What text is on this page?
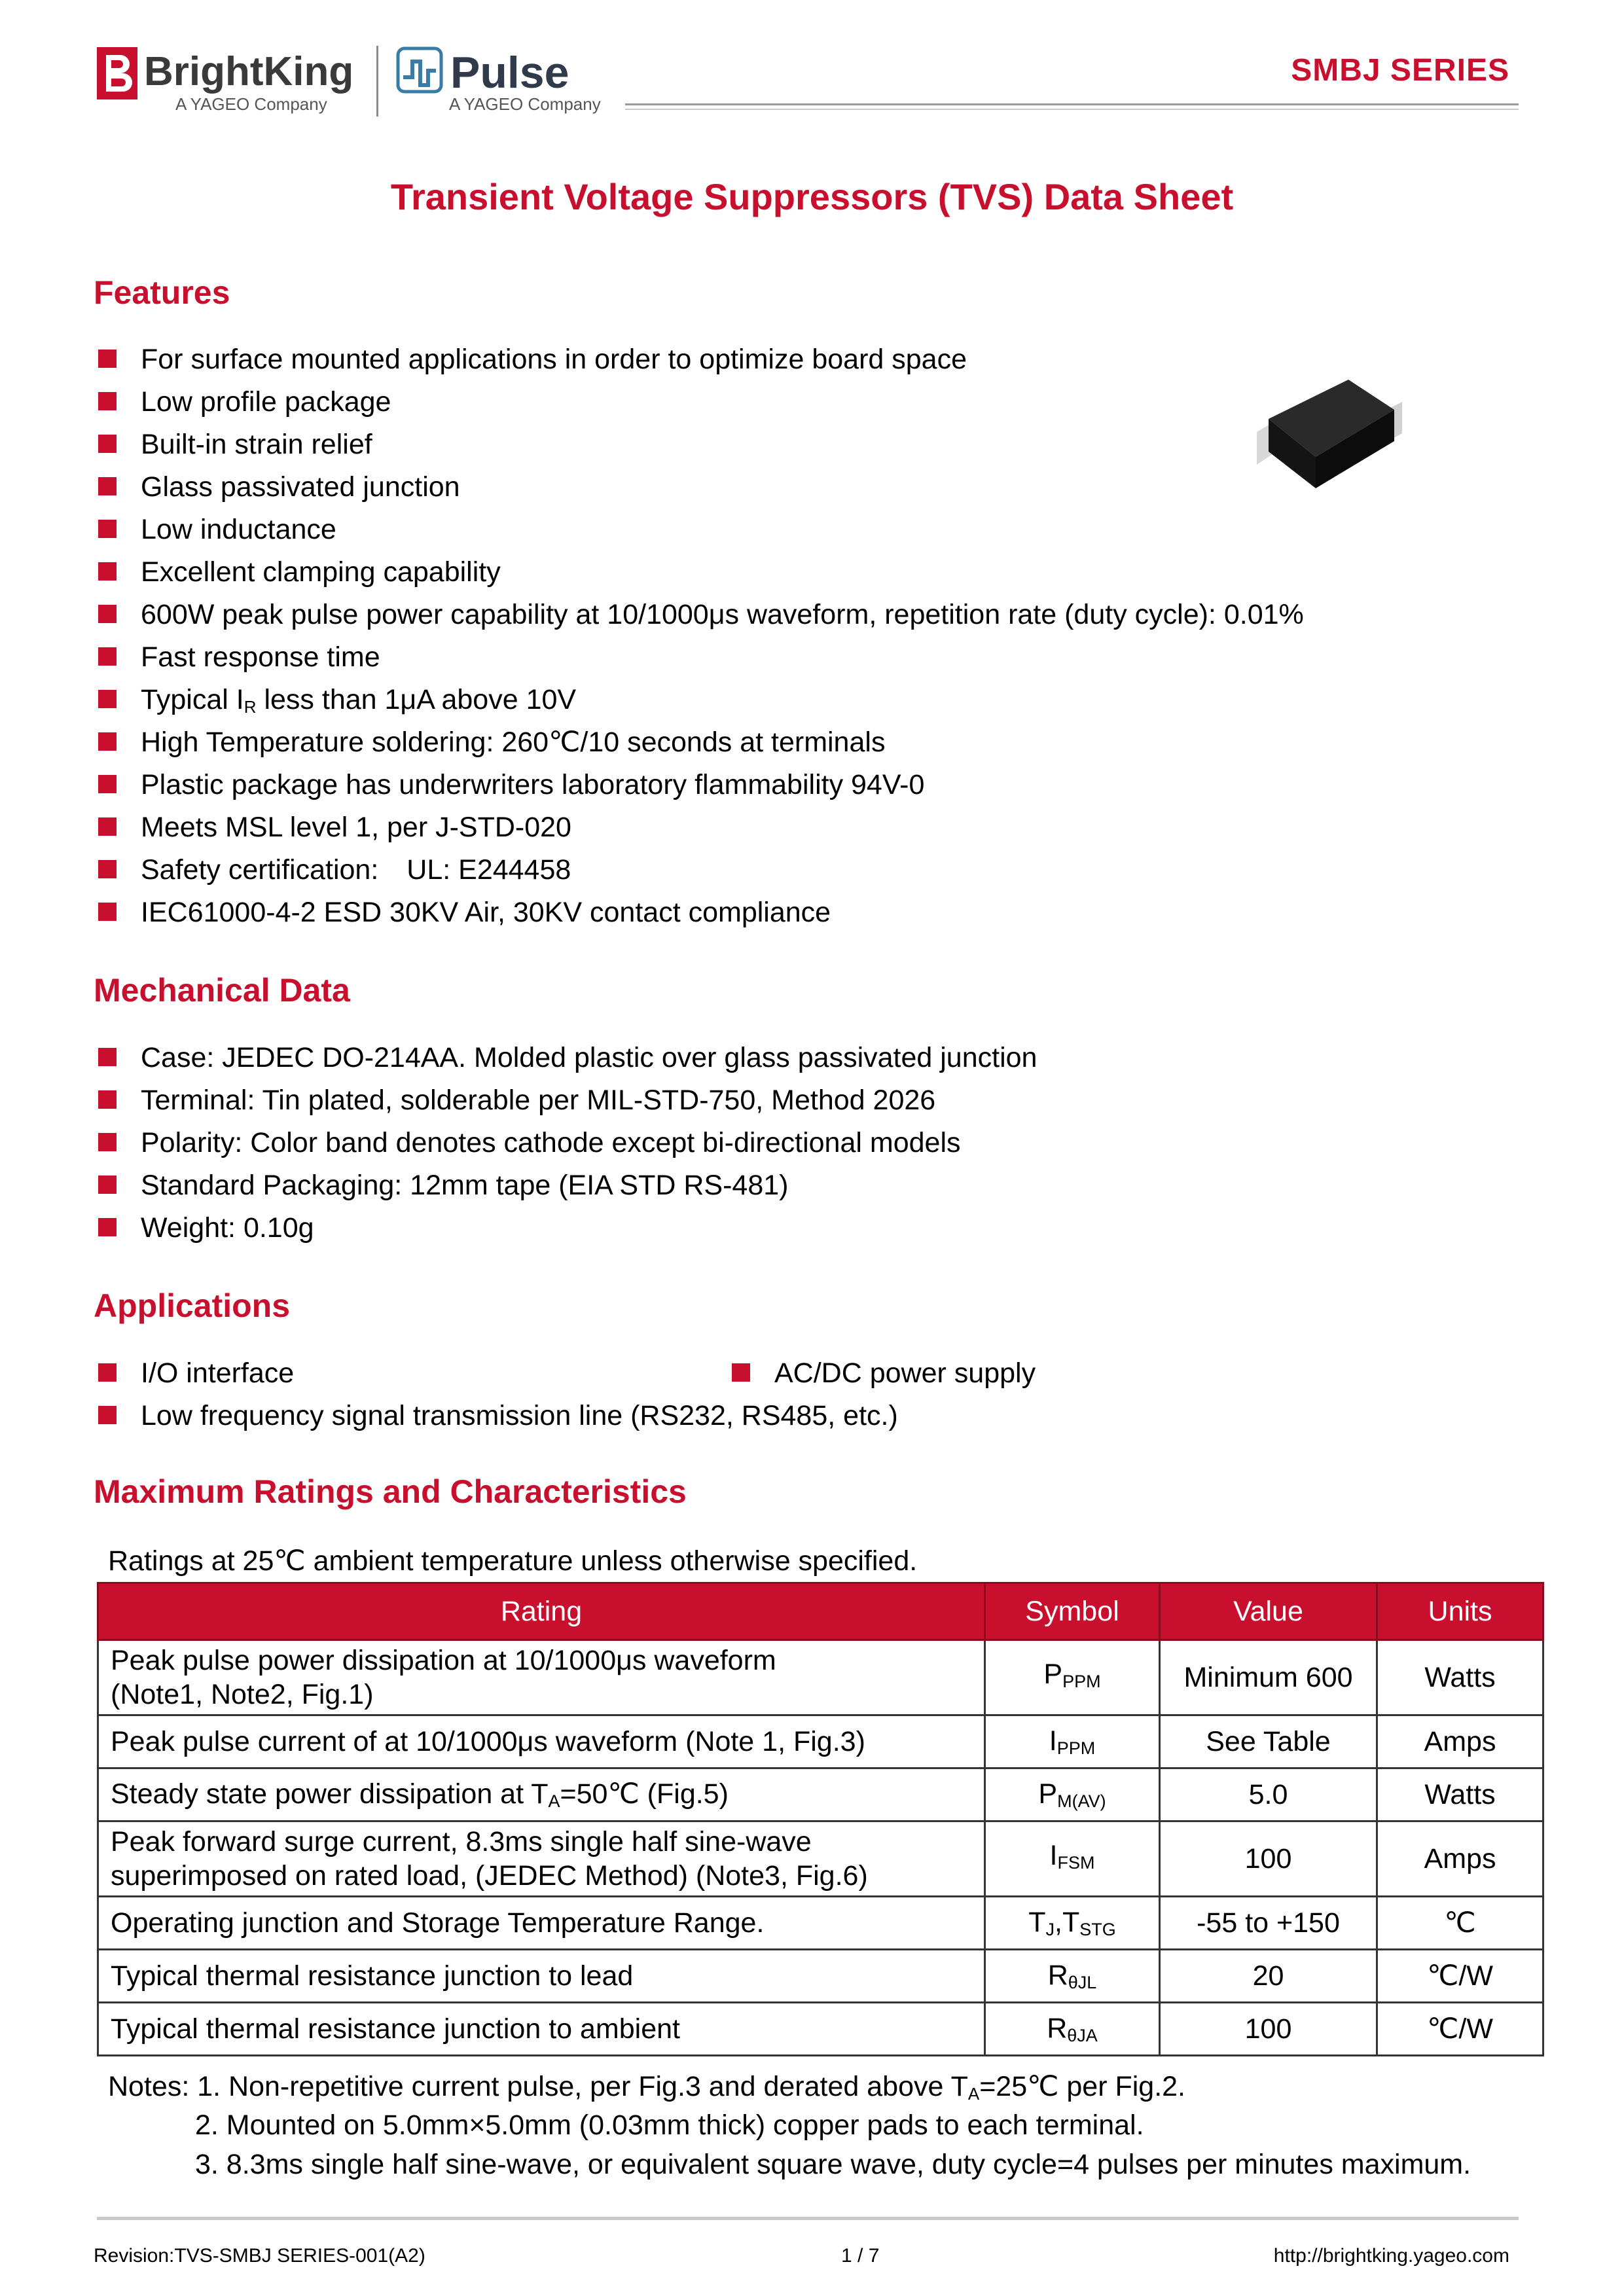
BrightKing
A YAGEO Company
Pulse
A YAGEO Company
SMBJ SERIES
Transient Voltage Suppressors (TVS) Data Sheet
Features
For surface mounted applications in order to optimize board space
Low profile package
Built-in strain relief
Glass passivated junction
Low inductance
Excellent clamping capability
600W peak pulse power capability at 10/1000μs waveform, repetition rate (duty cycle): 0.01%
Fast response time
Typical $I_R$ less than 1μA above 10V
High Temperature soldering: 260℃/10 seconds at terminals
Plastic package has underwriters laboratory flammability 94V-0
Meets MSL level 1, per J-STD-020
Safety certification:　UL: E244458
IEC61000-4-2 ESD 30KV Air, 30KV contact compliance
Mechanical Data
Case: JEDEC DO-214AA. Molded plastic over glass passivated junction
Terminal: Tin plated, solderable per MIL-STD-750, Method 2026
Polarity: Color band denotes cathode except bi-directional models
Standard Packaging: 12mm tape (EIA STD RS-481)
Weight: 0.10g
Applications
I/O interface	AC/DC power supply
Low frequency signal transmission line (RS232, RS485, etc.)
Maximum Ratings and Characteristics
Ratings at 25℃ ambient temperature unless otherwise specified.
Rating	Symbol	Value	Units
Peak pulse power dissipation at 10/1000μs waveform
(Note1, Note2, Fig.1)	$P_{PPM}$	Minimum 600	Watts
Peak pulse current of at 10/1000μs waveform (Note 1, Fig.3)	$I_{PPM}$	See Table	Amps
Steady state power dissipation at $T_A=50℃$ (Fig.5)	$P_{M(AV)}$	5.0	Watts
Peak forward surge current, 8.3ms single half sine-wave
superimposed on rated load, (JEDEC Method) (Note3, Fig.6)	$I_{FSM}$	100	Amps
Operating junction and Storage Temperature Range.	$T_J,T_{STG}$	-55 to +150	℃
Typical thermal resistance junction to lead	$R_{\theta JL}$	20	℃/W
Typical thermal resistance junction to ambient	$R_{\theta JA}$	100	℃/W
Notes: 1. Non-repetitive current pulse, per Fig.3 and derated above $T_A=25℃$ per Fig.2.
2. Mounted on 5.0mm×5.0mm (0.03mm thick) copper pads to each terminal.
3. 8.3ms single half sine-wave, or equivalent square wave, duty cycle=4 pulses per minutes maximum.
Revision:TVS-SMBJ SERIES-001(A2)	1 / 7	http://brightking.yageo.com
